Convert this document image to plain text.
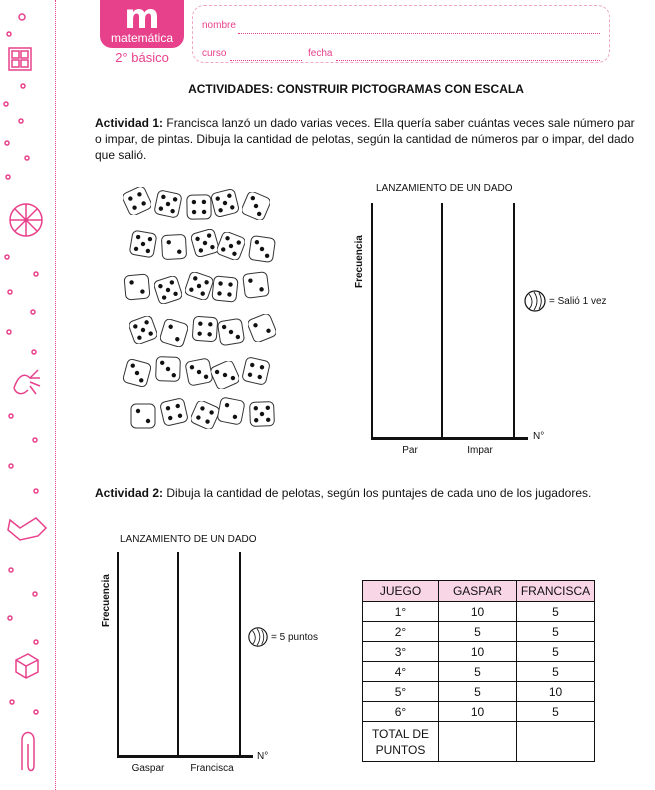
m
matemática
2° básico
nombre
curso	fecha
ACTIVIDADES: CONSTRUIR PICTOGRAMAS CON ESCALA
Actividad 1: Francisca lanzó un dado varias veces. Ella quería saber cuántas veces sale número par o impar, de pintas. Dibuja la cantidad de pelotas, según la cantidad de números par o impar, del dado que salió.
LANZAMIENTO DE UN DADO
Frecuencia
N°
Par	Impar
= Salió 1 vez
Actividad 2: Dibuja la cantidad de pelotas, según los puntajes de cada uno de los jugadores.
LANZAMIENTO DE UN DADO
Frecuencia
N°
Gaspar	Francisca
= 5 puntos
JUEGO	GASPAR	FRANCISCA
1°	10	5
2°	5	5
3°	10	5
4°	5	5
5°	5	10
6°	10	5
TOTAL DE PUNTOS		
